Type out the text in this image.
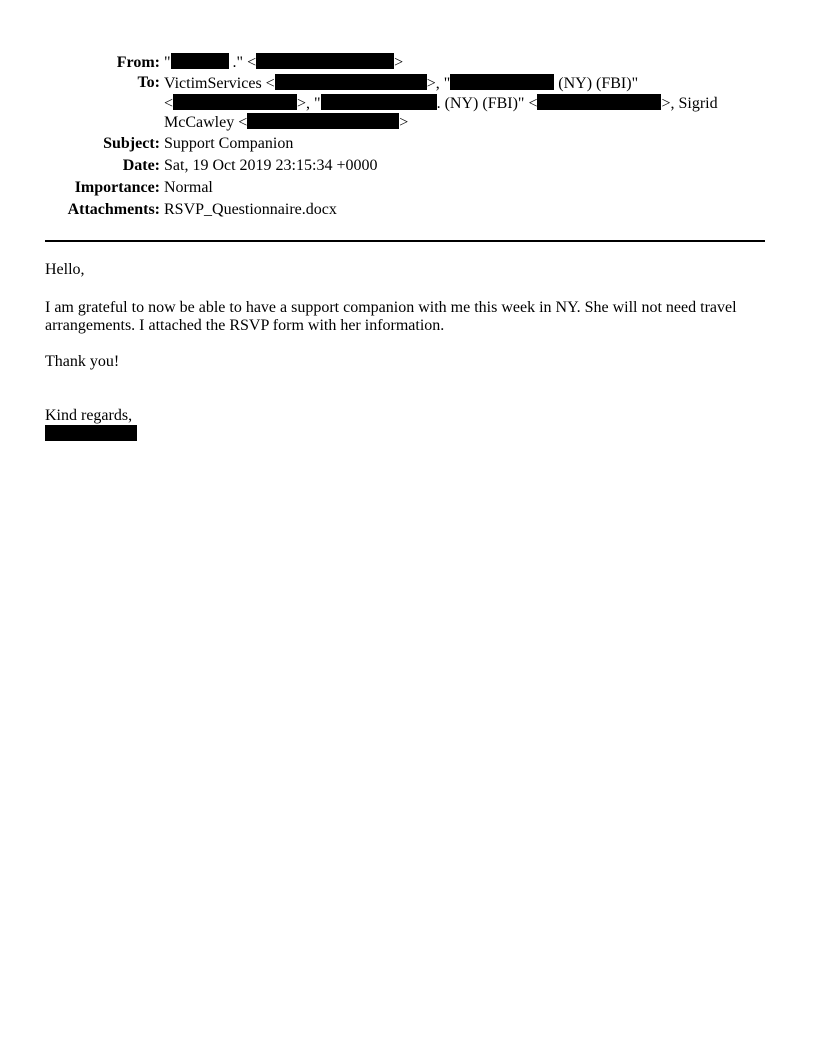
From: "	." <	>
To: VictimServices <	>, "	(NY) (FBI)"
<	>, "	. (NY) (FBI)" <	>, Sigrid
McCawley <	>
Subject: Support Companion
Date: Sat, 19 Oct 2019 23:15:34 +0000
Importance: Normal
Attachments: RSVP_Questionnaire.docx

Hello,

I am grateful to now be able to have a support companion with me this week in NY. She will not need travel arrangements. I attached the RSVP form with her information.

Thank you!

Kind regards,
